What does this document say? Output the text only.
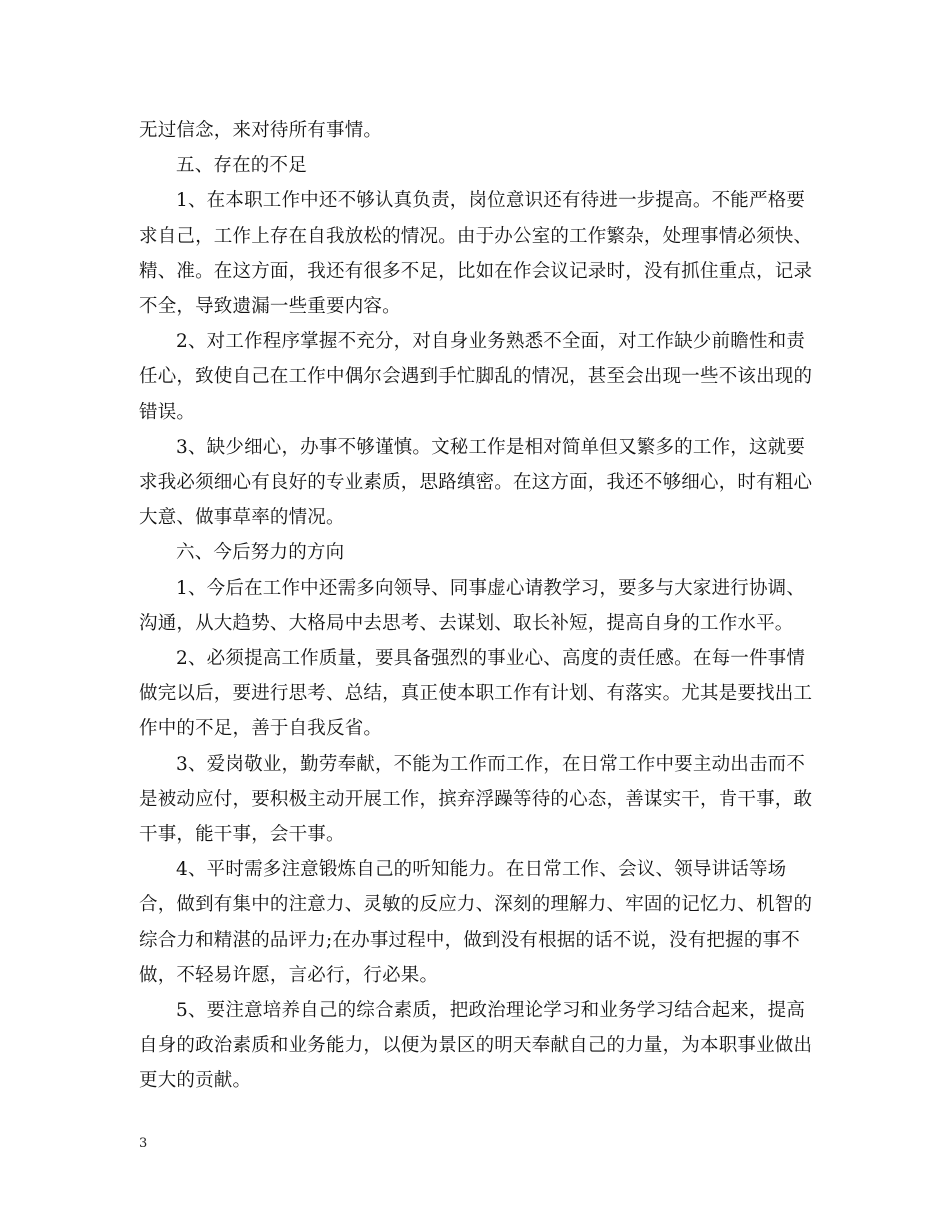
无过信念，来对待所有事情。

五、存在的不足

1、在本职工作中还不够认真负责，岗位意识还有待进一步提高。不能严格要求自己，工作上存在自我放松的情况。由于办公室的工作繁杂，处理事情必须快、精、准。在这方面，我还有很多不足，比如在作会议记录时，没有抓住重点，记录不全，导致遗漏一些重要内容。

2、对工作程序掌握不充分，对自身业务熟悉不全面，对工作缺少前瞻性和责任心，致使自己在工作中偶尔会遇到手忙脚乱的情况，甚至会出现一些不该出现的错误。

3、缺少细心，办事不够谨慎。文秘工作是相对简单但又繁多的工作，这就要求我必须细心有良好的专业素质，思路缜密。在这方面，我还不够细心，时有粗心大意、做事草率的情况。

六、今后努力的方向

1、今后在工作中还需多向领导、同事虚心请教学习，要多与大家进行协调、沟通，从大趋势、大格局中去思考、去谋划、取长补短，提高自身的工作水平。

2、必须提高工作质量，要具备强烈的事业心、高度的责任感。在每一件事情做完以后，要进行思考、总结，真正使本职工作有计划、有落实。尤其是要找出工作中的不足，善于自我反省。

3、爱岗敬业，勤劳奉献，不能为工作而工作，在日常工作中要主动出击而不是被动应付，要积极主动开展工作，摈弃浮躁等待的心态，善谋实干，肯干事，敢干事，能干事，会干事。

4、平时需多注意锻炼自己的听知能力。在日常工作、会议、领导讲话等场合，做到有集中的注意力、灵敏的反应力、深刻的理解力、牢固的记忆力、机智的综合力和精湛的品评力;在办事过程中，做到没有根据的话不说，没有把握的事不做，不轻易许愿，言必行，行必果。

5、要注意培养自己的综合素质，把政治理论学习和业务学习结合起来，提高自身的政治素质和业务能力，以便为景区的明天奉献自己的力量，为本职事业做出更大的贡献。

3
